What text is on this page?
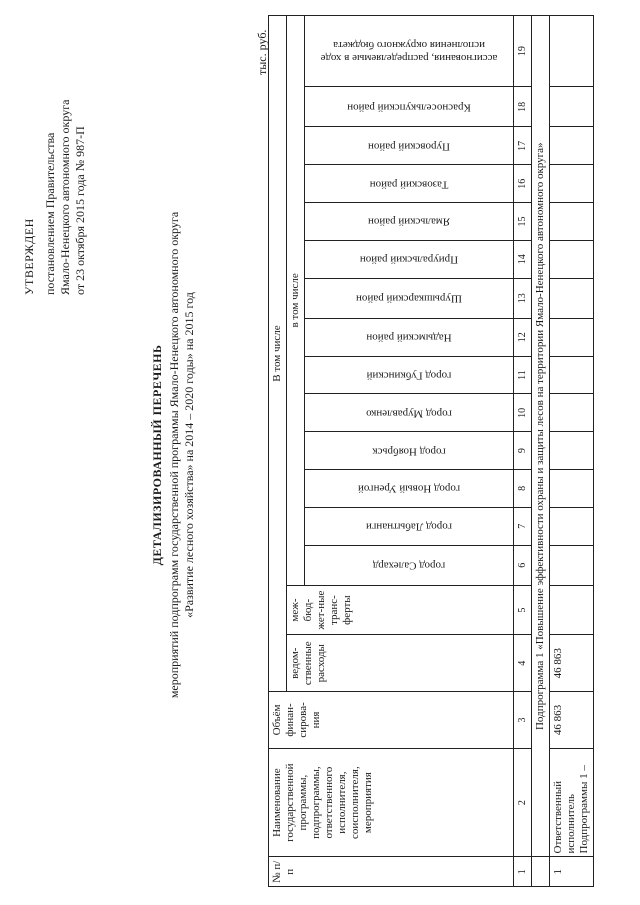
УТВЕРЖДЕН постановлением Правительства Ямало-Ненецкого автономного округа от 23 октября 2015 года № 987-П
ДЕТАЛИЗИРОВАННЫЙ ПЕРЕЧЕНЬ мероприятий подпрограмм государственной программы Ямало-Ненецкого автономного округа «Развитие лесного хозяйства» на 2014 – 2020 годы» на 2015 год
тыс. руб.
№ п/п	Наименование государственной программы, подпрограммы, ответственного исполнителя, соисполнителя, мероприятия	Объём финан-сирова-ния	В том числе															
			ведом-ственные расходы	меж-бюд-жет-ные транс-ферты	в том числе													

					город Салехард	город Лабытнанги	город Новый Уренгой	город Ноябрьск	город Муравленко	город Губкинский	Надымский район	Шурышкарский район	Приуральский район	Ямальский район	Тазовский район	Пуровский район	Красноселькупский район	ассигнования, распределяемые в ходе исполнения окружного бюджета

1	2	3	4	5	6	7	8	9	10	11	12	13	14	15	16	17	18	19
	Подпрограмма 1 «Повышение эффективности охраны и защиты лесов на территории Ямало-Ненецкого автономного округа»																	
1	Ответственный исполнитель Подпрограммы 1 –	46 863	46 863															
